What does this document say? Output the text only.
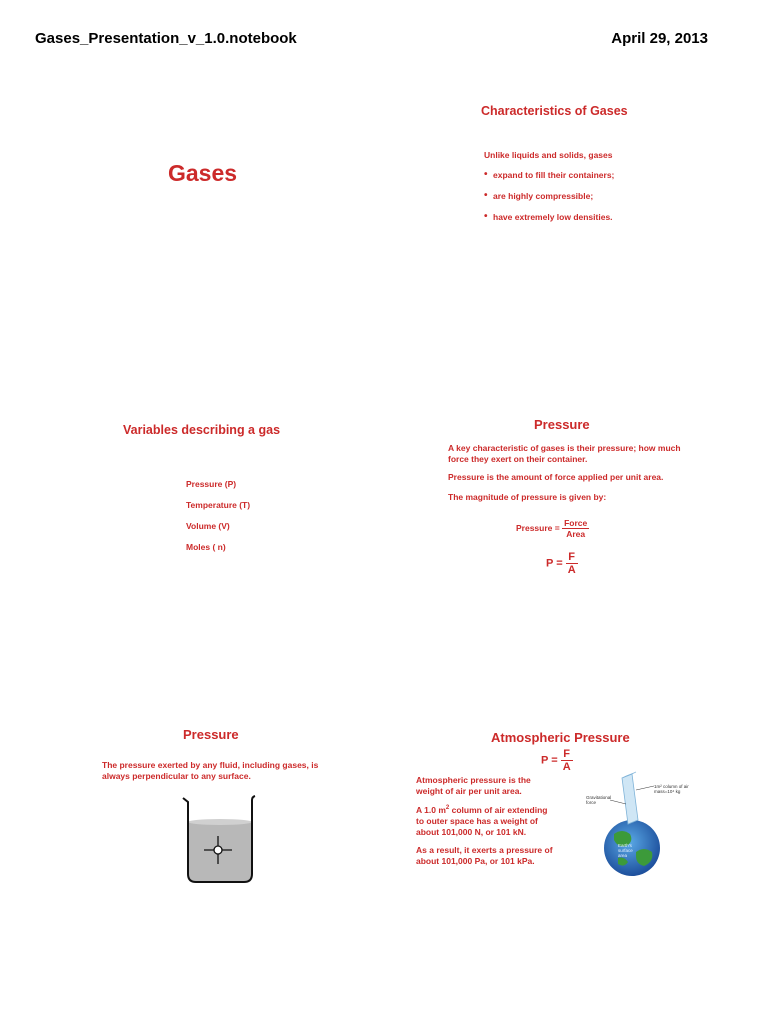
Gases_Presentation_v_1.0.notebook	April 29, 2013
Gases
Characteristics of Gases
Unlike liquids and solids, gases
• expand to fill their containers;
• are highly compressible;
• have extremely low densities.
Variables describing a gas
Pressure (P)
Temperature (T)
Volume (V)
Moles ( n)
Pressure
A key characteristic of gases is their pressure; how much force they exert on their container.
Pressure is the amount of force applied per unit area.
The magnitude of pressure is given by:
Pressure = $\frac{\text{Force}}{\text{Area}}$
$P = \frac{F}{A}$
Pressure
The pressure exerted by any fluid, including gases, is always perpendicular to any surface.
Atmospheric Pressure
$P = \frac{F}{A}$
Atmospheric pressure is the weight of air per unit area.
A 1.0 $m^2$ column of air extending to outer space has a weight of about 101,000 N, or 101 kN.
As a result, it exerts a pressure of about 101,000 Pa, or 101 kPa.
1m² column of air mass=10⁴ kg
Gravitational force
Earth's surface area
